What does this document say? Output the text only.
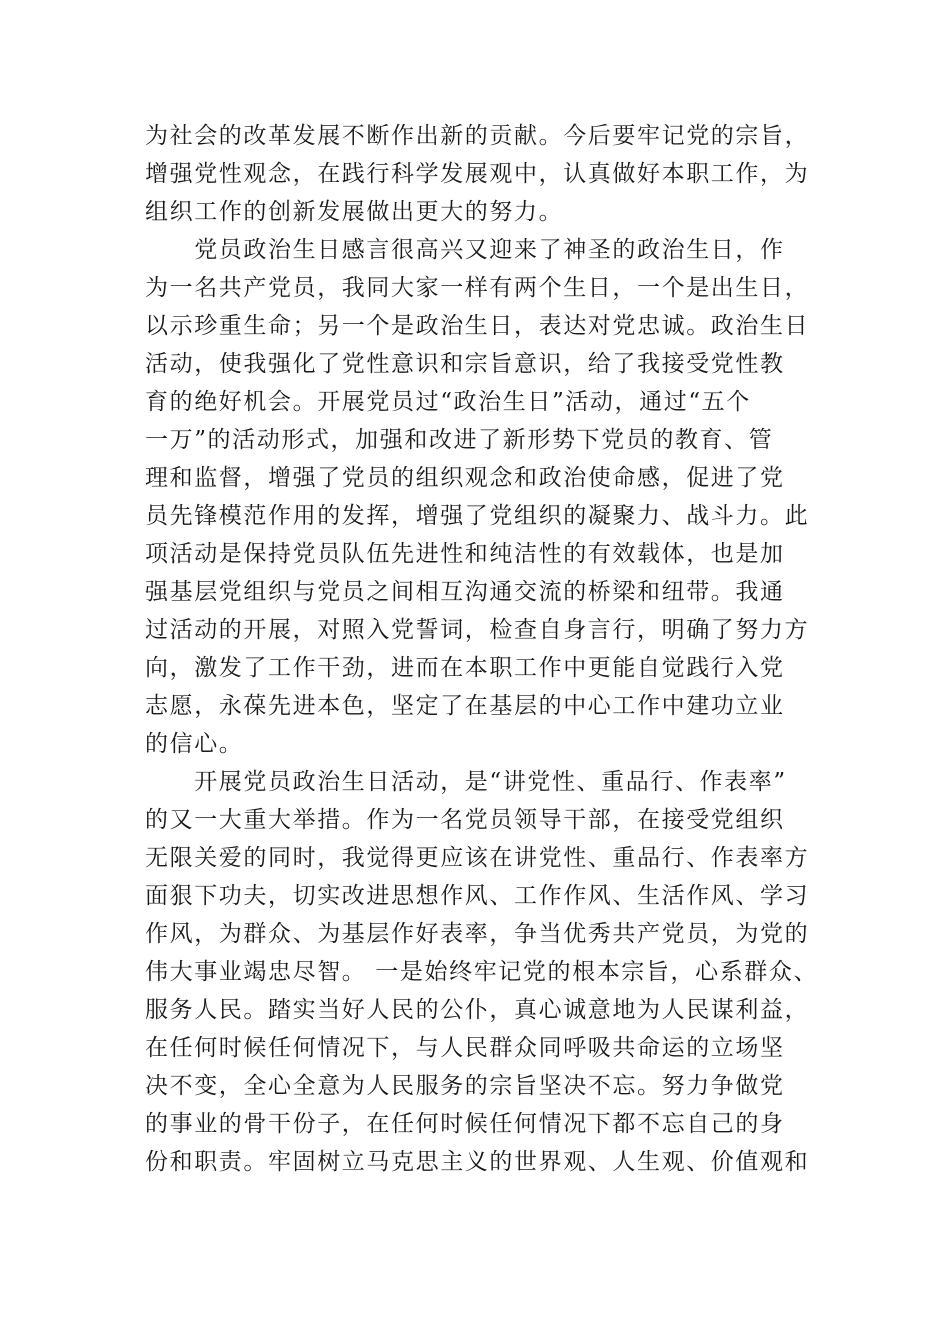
为社会的改革发展不断作出新的贡献。今后要牢记党的宗旨，
增强党性观念，在践行科学发展观中，认真做好本职工作，为
组织工作的创新发展做出更大的努力。
　　党员政治生日感言很高兴又迎来了神圣的政治生日，作
为一名共产党员，我同大家一样有两个生日，一个是出生日，
以示珍重生命；另一个是政治生日，表达对党忠诚。政治生日
活动，使我强化了党性意识和宗旨意识，给了我接受党性教
育的绝好机会。开展党员过“政治生日”活动，通过“五个
一万”的活动形式，加强和改进了新形势下党员的教育、管
理和监督，增强了党员的组织观念和政治使命感，促进了党
员先锋模范作用的发挥，增强了党组织的凝聚力、战斗力。此
项活动是保持党员队伍先进性和纯洁性的有效载体，也是加
强基层党组织与党员之间相互沟通交流的桥梁和纽带。我通
过活动的开展，对照入党誓词，检查自身言行，明确了努力方
向，激发了工作干劲，进而在本职工作中更能自觉践行入党
志愿，永葆先进本色，坚定了在基层的中心工作中建功立业
的信心。
　　开展党员政治生日活动，是“讲党性、重品行、作表率”
的又一大重大举措。作为一名党员领导干部，在接受党组织
无限关爱的同时，我觉得更应该在讲党性、重品行、作表率方
面狠下功夫，切实改进思想作风、工作作风、生活作风、学习
作风，为群众、为基层作好表率，争当优秀共产党员，为党的
伟大事业竭忠尽智。 一是始终牢记党的根本宗旨，心系群众、
服务人民。踏实当好人民的公仆，真心诚意地为人民谋利益，
在任何时候任何情况下，与人民群众同呼吸共命运的立场坚
决不变，全心全意为人民服务的宗旨坚决不忘。努力争做党
的事业的骨干份子，在任何时候任何情况下都不忘自己的身
份和职责。牢固树立马克思主义的世界观、人生观、价值观和
